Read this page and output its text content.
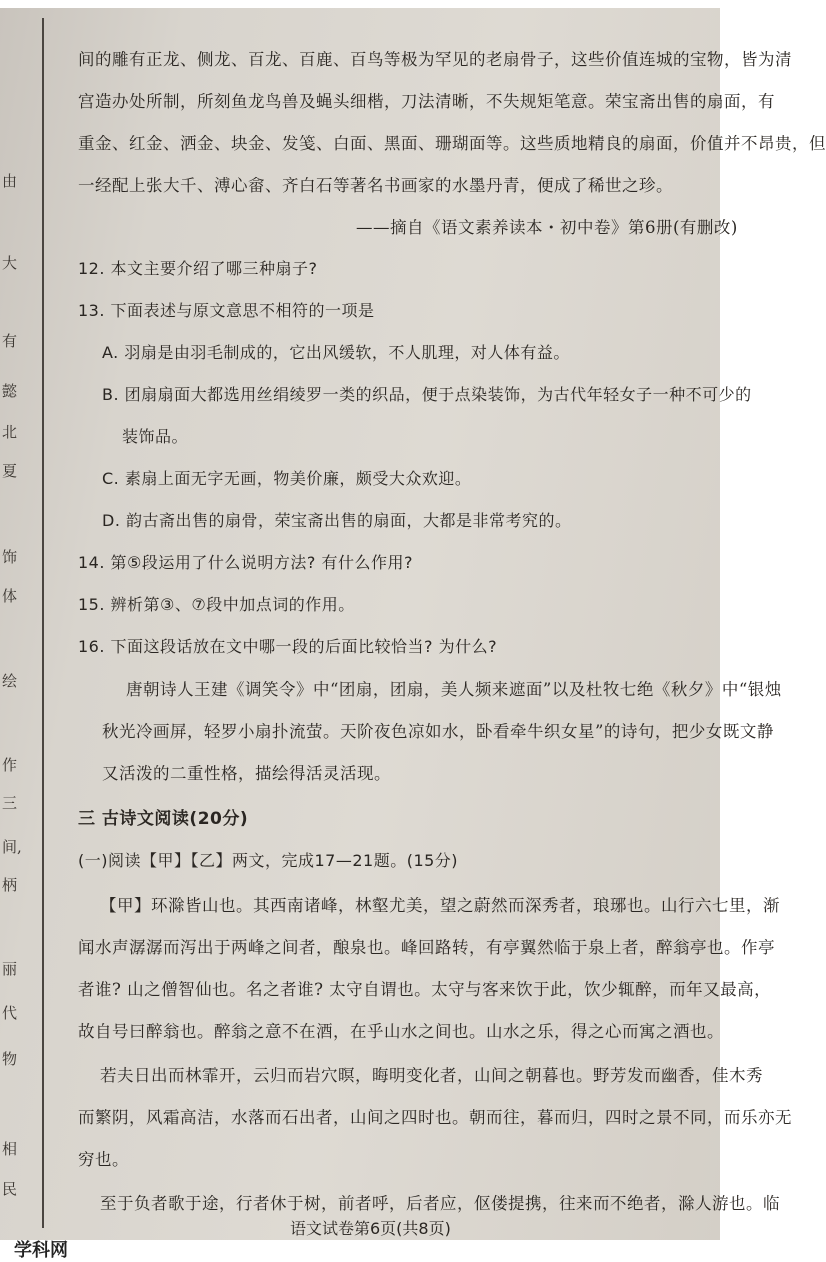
由
大
有
懿
北
夏
饰
体
绘
作
三
间,
柄
丽
代
物
相
民
间的雕有正龙、侧龙、百龙、百鹿、百鸟等极为罕见的老扇骨子，这些价值连城的宝物，皆为清
宫造办处所制，所刻鱼龙鸟兽及蝇头细楷，刀法清晰，不失规矩笔意。荣宝斋出售的扇面，有
重金、红金、洒金、块金、发笺、白面、黑面、珊瑚面等。这些质地精良的扇面，价值并不昂贵，但
一经配上张大千、溥心畲、齐白石等著名书画家的水墨丹青，便成了稀世之珍。
——摘自《语文素养读本・初中卷》第6册(有删改)
12. 本文主要介绍了哪三种扇子?
13. 下面表述与原文意思不相符的一项是
A. 羽扇是由羽毛制成的，它出风缓软，不人肌理，对人体有益。
B. 团扇扇面大都选用丝绢绫罗一类的织品，便于点染装饰，为古代年轻女子一种不可少的
装饰品。
C. 素扇上面无字无画，物美价廉，颇受大众欢迎。
D. 韵古斋出售的扇骨，荣宝斋出售的扇面，大都是非常考究的。
14. 第⑤段运用了什么说明方法? 有什么作用?
15. 辨析第③、⑦段中加点词的作用。
16. 下面这段话放在文中哪一段的后面比较恰当? 为什么?
唐朝诗人王建《调笑令》中“团扇，团扇，美人频来遮面”以及杜牧七绝《秋夕》中“银烛
秋光冷画屏，轻罗小扇扑流萤。天阶夜色凉如水，卧看牵牛织女星”的诗句，把少女既文静
又活泼的二重性格，描绘得活灵活现。
三 古诗文阅读(20分)
(一)阅读【甲】【乙】两文，完成17—21题。(15分)
【甲】环滁皆山也。其西南诸峰，林壑尤美，望之蔚然而深秀者，琅琊也。山行六七里，渐
闻水声潺潺而泻出于两峰之间者，酿泉也。峰回路转，有亭翼然临于泉上者，醉翁亭也。作亭
者谁? 山之僧智仙也。名之者谁? 太守自谓也。太守与客来饮于此，饮少辄醉，而年又最高，
故自号曰醉翁也。醉翁之意不在酒，在乎山水之间也。山水之乐，得之心而寓之酒也。
若夫日出而林霏开，云归而岩穴暝，晦明变化者，山间之朝暮也。野芳发而幽香，佳木秀
而繁阴，风霜高洁，水落而石出者，山间之四时也。朝而往，暮而归，四时之景不同，而乐亦无
穷也。
至于负者歌于途，行者休于树，前者呼，后者应，伛偻提携，往来而不绝者，滁人游也。临
语文试卷第6页(共8页)
学科网
